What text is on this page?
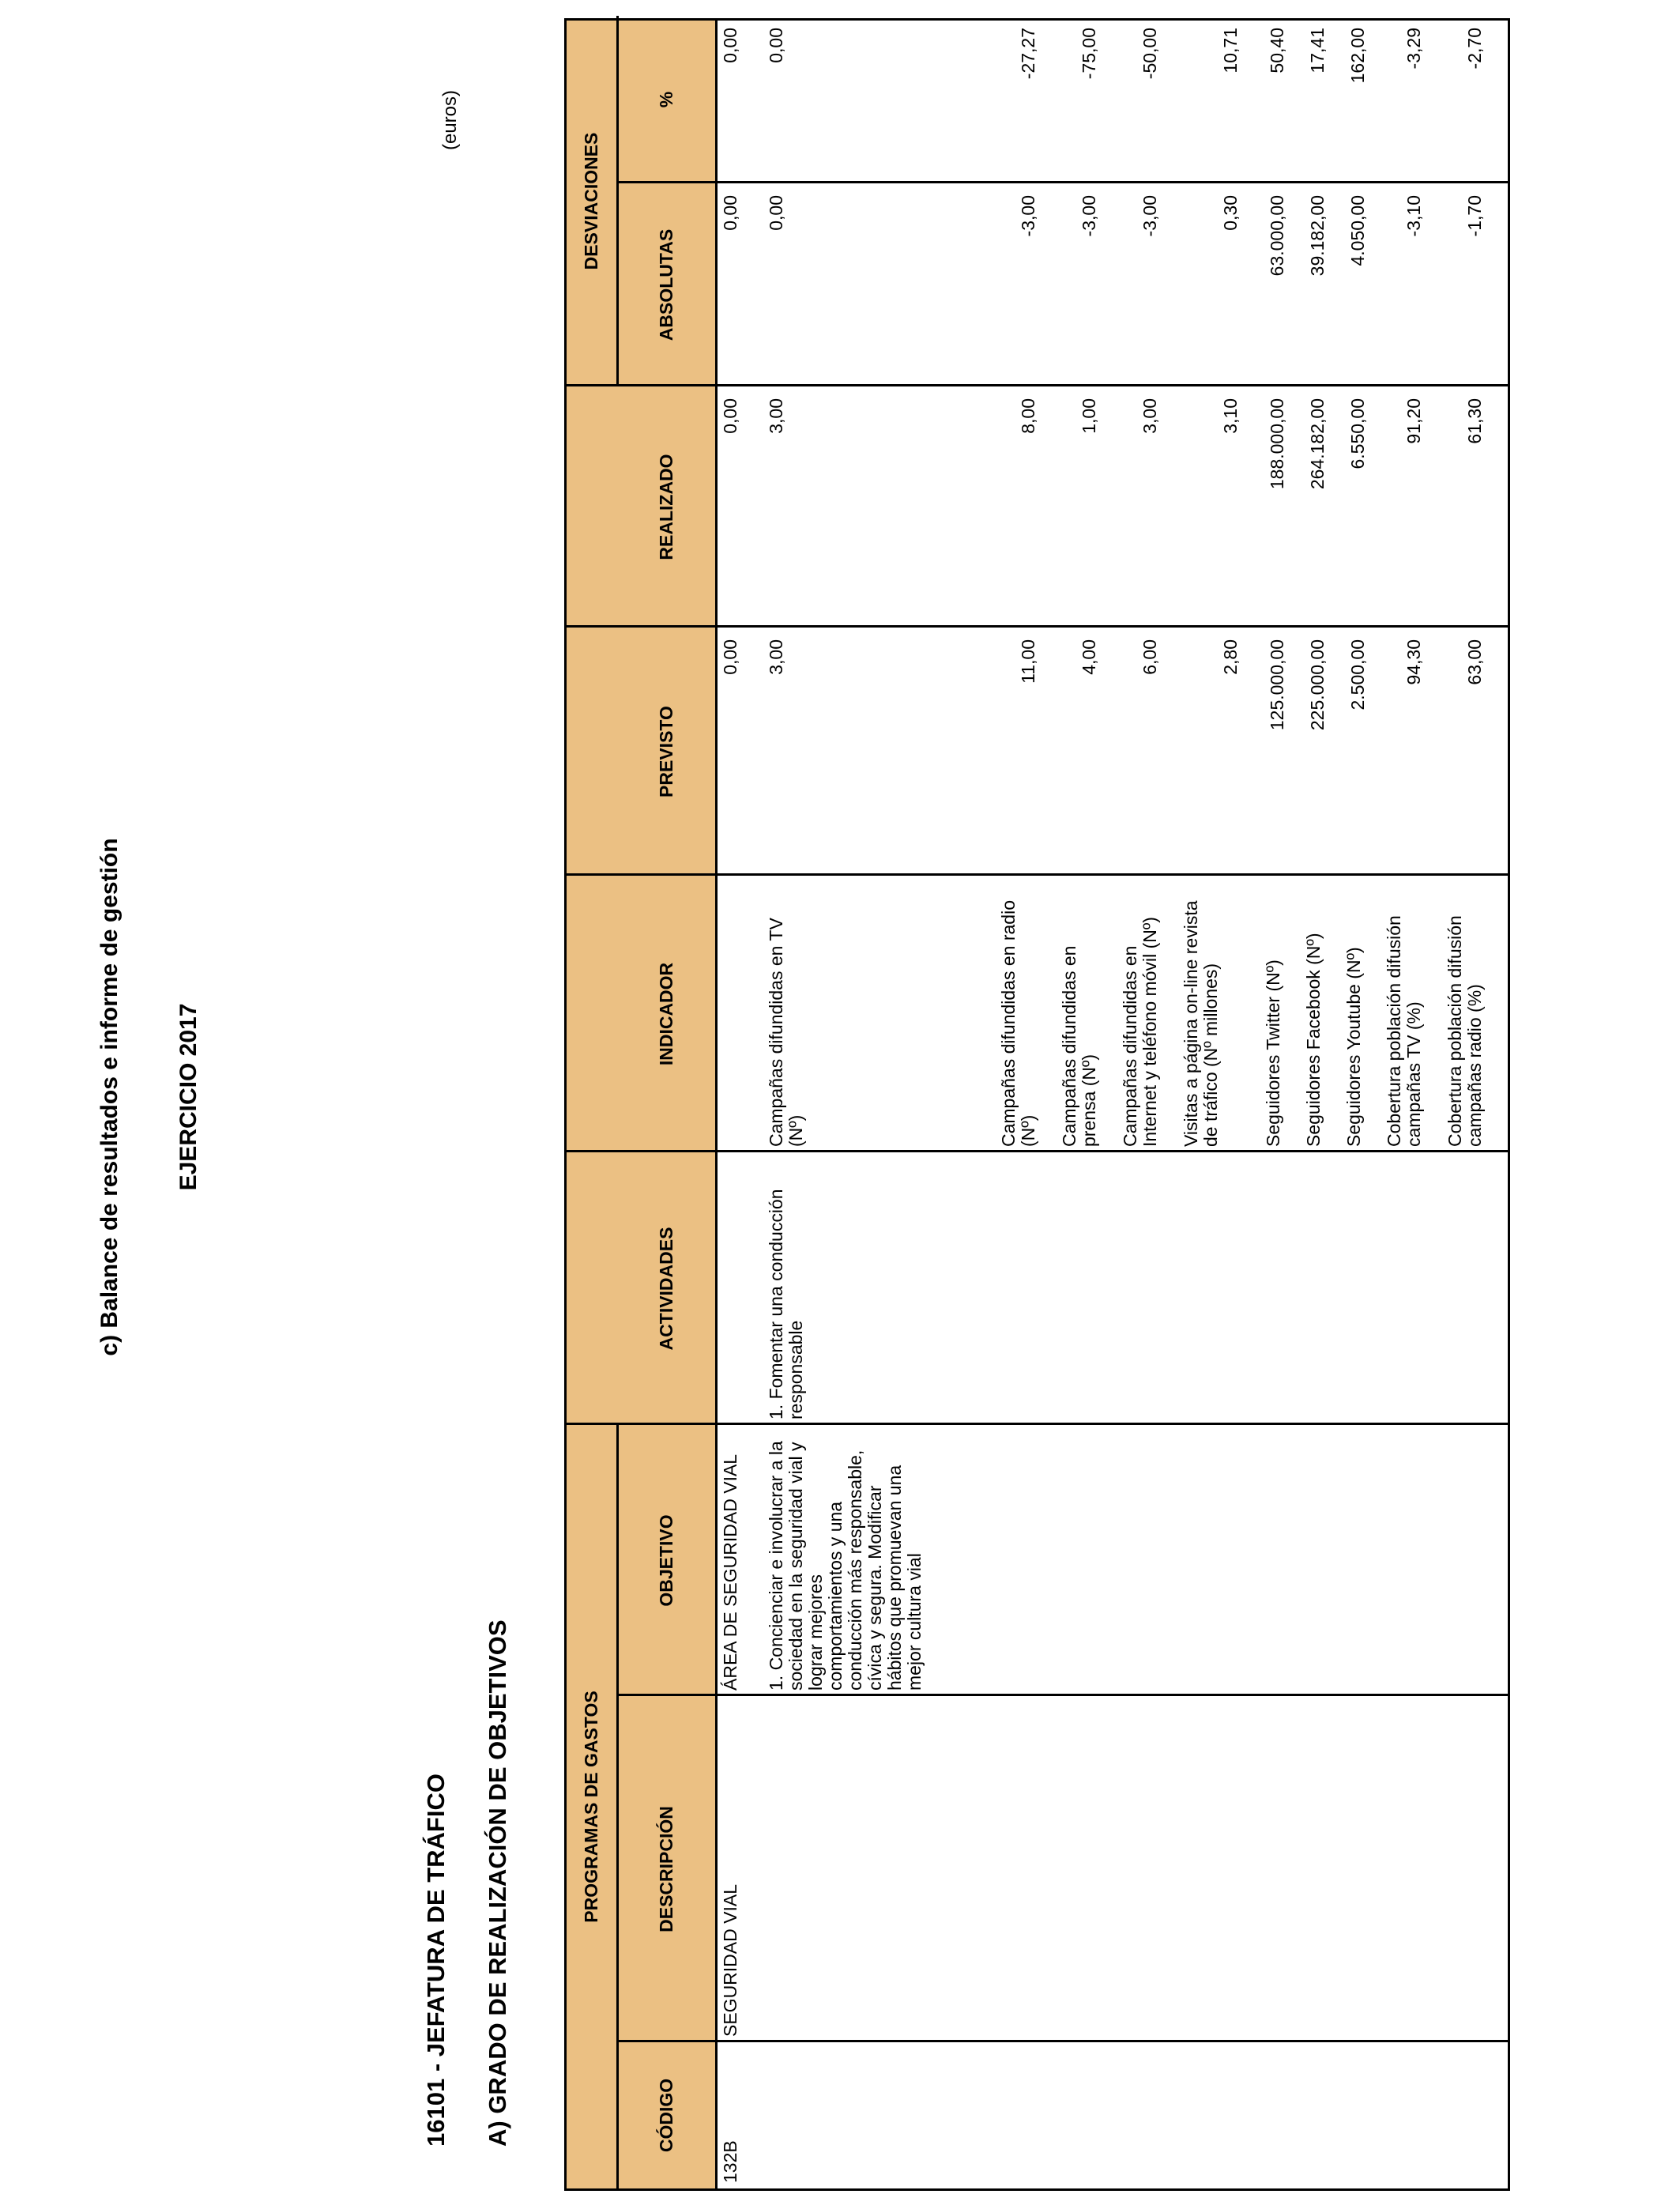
c) Balance de resultados e informe de gestión EJERCICIO 2017
16101 - JEFATURA DE TRÁFICO A) GRADO DE REALIZACIÓN DE OBJETIVOS
(euros)
PROGRAMAS DE GASTOS
CÓDIGO
DESCRIPCIÓN
OBJETIVO
ACTIVIDADES
INDICADOR
PREVISTO
REALIZADO
DESVIACIONES
ABSOLUTAS
%
132B
SEGURIDAD VIAL
ÁREA DE SEGURIDAD VIAL 1. Concienciar e involucrar a la sociedad en la seguridad vial y lograr mejores comportamientos y una conducción más responsable, cívica y segura. Modificar hábitos que promuevan una mejor cultura vial
1. Fomentar una conducción responsable
0,00
0,00
0,00
0,00
Campañas difundidas en TV (Nº)
3,00
3,00
0,00
0,00
Campañas difundidas en radio (Nº)
11,00
8,00
-3,00
-27,27
Campañas difundidas en prensa (Nº)
4,00
1,00
-3,00
-75,00
Campañas difundidas en Internet y teléfono móvil (Nº)
6,00
3,00
-3,00
-50,00
Visitas a página on-line revista de tráfico (Nº millones)
2,80
3,10
0,30
10,71
Seguidores Twitter (Nº)
125.000,00
188.000,00
63.000,00
50,40
Seguidores Facebook (Nº)
225.000,00
264.182,00
39.182,00
17,41
Seguidores Youtube (Nº)
2.500,00
6.550,00
4.050,00
162,00
Cobertura población difusión campañas TV (%)
94,30
91,20
-3,10
-3,29
Cobertura población difusión campañas radio (%)
63,00
61,30
-1,70
-2,70
